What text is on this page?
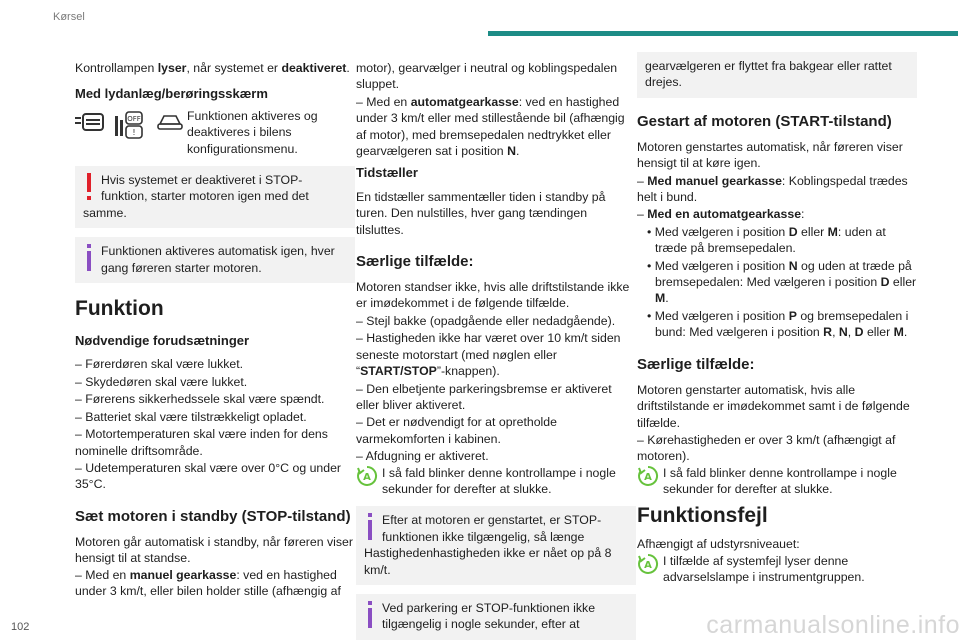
Kørsel

Kontrollampen lyser, når systemet er deaktiveret.

Med lydanlæg/berøringsskærm

OFF
!

Funktionen aktiveres og deaktiveres i bilens konfigurationsmenu.

Hvis systemet er deaktiveret i STOP-funktion, starter motoren igen med det samme.
Funktionen aktiveres automatisk igen, hver gang føreren starter motoren.
Funktion
Nødvendige forudsætninger

– Førerdøren skal være lukket.

– Skydedøren skal være lukket.

– Førerens sikkerhedssele skal være spændt.

– Batteriet skal være tilstrækkeligt opladet.

– Motortemperaturen skal være inden for dens nominelle driftsområde.

– Udetemperaturen skal være over 0°C og under 35°C.

Sæt motoren i standby (STOP-tilstand)

Motoren går automatisk i standby, når føreren viser hensigt til at standse.

– Med en manuel gearkasse: ved en hastighed under 3 km/t, eller bilen holder stille (afhængig af

motor), gearvælger i neutral og koblingspedalen sluppet.

– Med en automatgearkasse: ved en hastighed under 3 km/t eller med stillestående bil (afhængig af motor), med bremsepedalen nedtrykket eller gearvælgeren sat i position N.

Tidstæller

En tidstæller sammentæller tiden i standby på turen. Den nulstilles, hver gang tændingen tilsluttes.

Særlige tilfælde:

Motoren standser ikke, hvis alle driftstilstande ikke er imødekommet i de følgende tilfælde.

– Stejl bakke (opadgående eller nedadgående).

– Hastigheden ikke har været over 10 km/t siden seneste motorstart (med nøglen eller “START/STOP”-knappen).

– Den elbetjente parkeringsbremse er aktiveret eller bliver aktiveret.

– Det er nødvendigt for at opretholde varmekomforten i kabinen.

– Afdugning er aktiveret.

A I så fald blinker denne kontrollampe i nogle sekunder for derefter at slukke.
Efter at motoren er genstartet, er STOP-funktionen ikke tilgængelig, så længe Hastighedenhastigheden ikke er nået op på 8 km/t.
Ved parkering er STOP-funktionen ikke tilgængelig i nogle sekunder, efter at
gearvælgeren er flyttet fra bakgear eller rattet drejes.
Gestart af motoren (START-tilstand)

Motoren genstartes automatisk, når føreren viser hensigt til at køre igen.

– Med manuel gearkasse: Koblingspedal trædes helt i bund.

– Med en automatgearkasse:

• Med vælgeren i position D eller M: uden at træde på bremsepedalen.

• Med vælgeren i position N og uden at træde på bremsepedalen: Med vælgeren i position D eller M.

• Med vælgeren i position P og bremsepedalen i bund: Med vælgeren i position R, N, D eller M.

Særlige tilfælde:

Motoren genstarter automatisk, hvis alle driftstilstande er imødekommet samt i de følgende tilfælde.

– Kørehastigheden er over 3 km/t (afhængigt af motoren).

A I så fald blinker denne kontrollampe i nogle sekunder for derefter at slukke.
Funktionsfejl

Afhængigt af udstyrsniveauet:

A I tilfælde af systemfejl lyser denne advarselslampe i instrumentgruppen.
102	carmanualsonline.info
